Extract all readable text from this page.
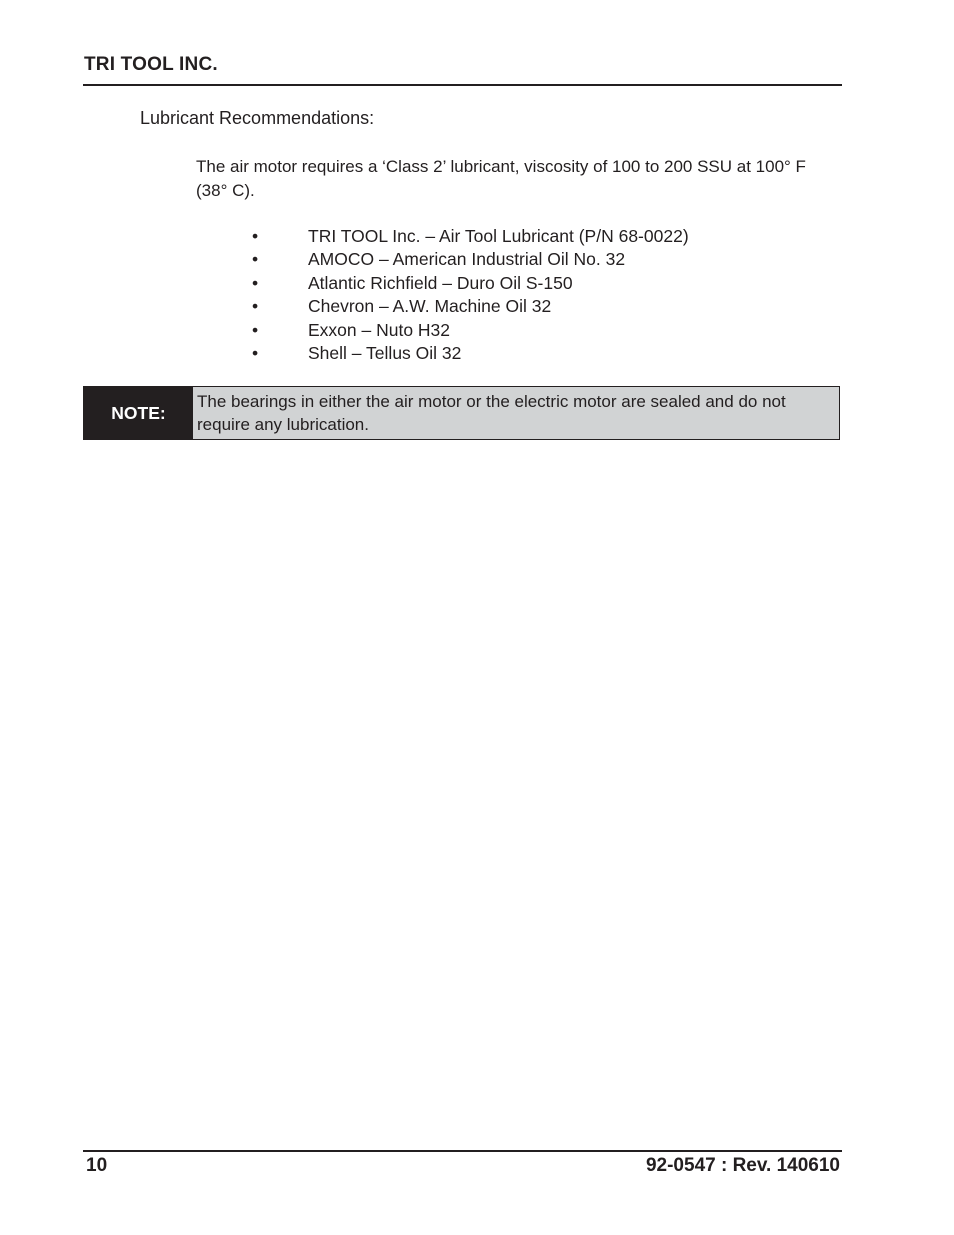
TRI TOOL INC.
Lubricant Recommendations:
The air motor requires a ‘Class 2’ lubricant, viscosity of 100 to 200 SSU at 100° F (38° C).
•	TRI TOOL Inc. – Air Tool Lubricant (P/N 68-0022)
•	AMOCO – American Industrial Oil No. 32
•	Atlantic Richfield – Duro Oil S-150
•	Chevron – A.W. Machine Oil 32
•	Exxon – Nuto H32
•	Shell – Tellus Oil 32
NOTE:
The bearings in either the air motor or the electric motor are sealed and do not require any lubrication.
10	92-0547 : Rev. 140610
